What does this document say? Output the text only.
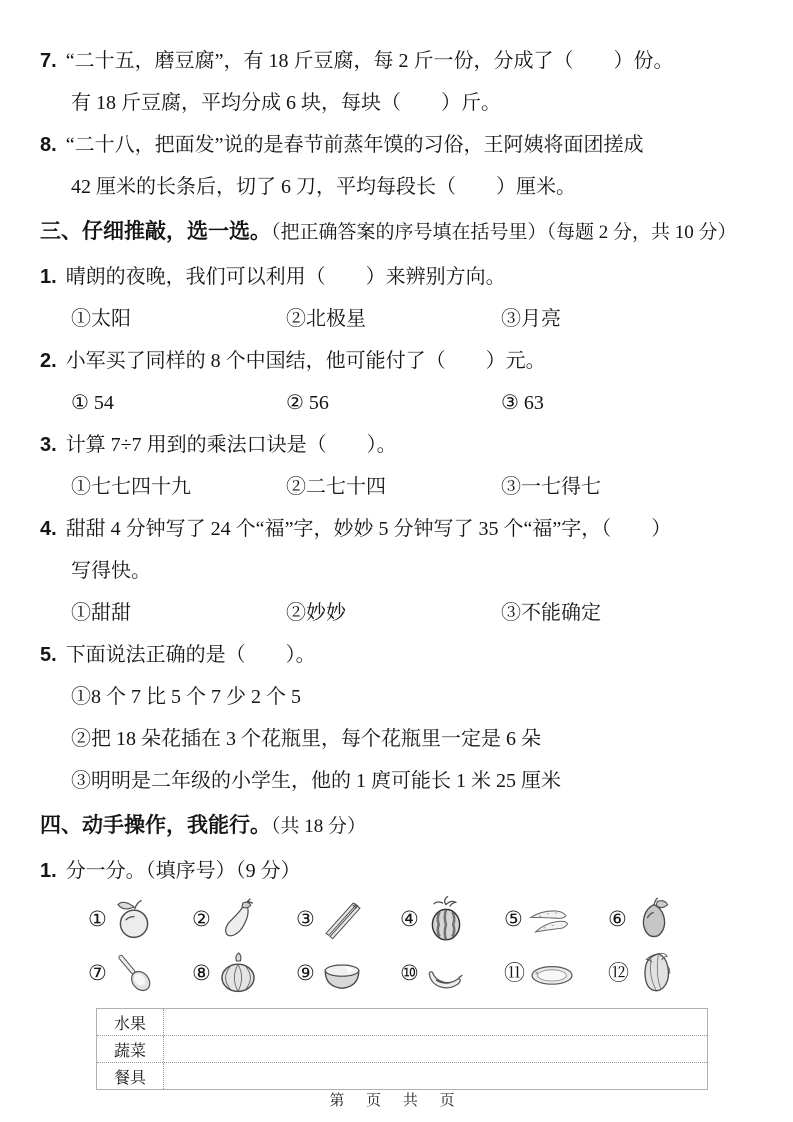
7. “二十五，磨豆腐”，有 18 斤豆腐，每 2 斤一份，分成了（　　）份。
有 18 斤豆腐，平均分成 6 块，每块（　　）斤。
8. “二十八，把面发”说的是春节前蒸年馍的习俗，王阿姨将面团搓成
42 厘米的长条后，切了 6 刀，平均每段长（　　）厘米。
三、仔细推敲，选一选。（把正确答案的序号填在括号里）（每题 2 分，共 10 分）
1. 晴朗的夜晚，我们可以利用（　　）来辨别方向。
①太阳	②北极星	③月亮
2. 小军买了同样的 8 个中国结，他可能付了（　　）元。
① 54	② 56	③ 63
3. 计算 7÷7 用到的乘法口诀是（　　）。
①七七四十九	②二七十四	③一七得七
4. 甜甜 4 分钟写了 24 个“福”字，妙妙 5 分钟写了 35 个“福”字，（　　）
写得快。
①甜甜	②妙妙	③不能确定
5. 下面说法正确的是（　　）。
①8 个 7 比 5 个 7 少 2 个 5
②把 18 朵花插在 3 个花瓶里，每个花瓶里一定是 6 朵
③明明是二年级的小学生，他的 1 庹可能长 1 米 25 厘米
四、动手操作，我能行。（共 18 分）
1. 分一分。（填序号）（9 分）
①	②	③	④	⑤	⑥
⑦	⑧	⑨	⑩	⑪	⑫
水果
蔬菜
餐具
第 页 共 页
